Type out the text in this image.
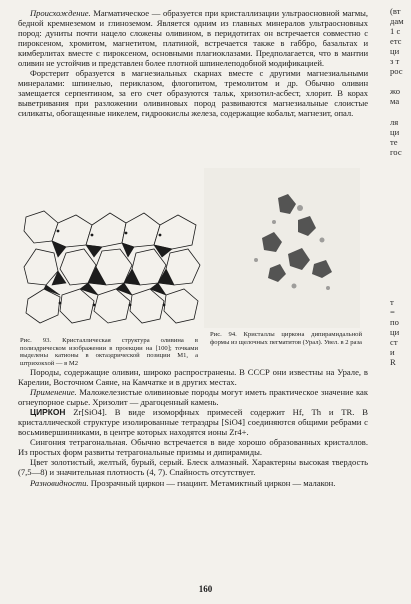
Происхождение. Магматическое — образуется при кристаллизации ультраосновной магмы, бедной кремнеземом и глиноземом. Является одним из главных минералов ультраосновных пород: дуниты почти нацело сложены оливином, в перидотитах он встречается совместно с пироксеном, хромитом, магнетитом, платиной, встречается также в габбро, базальтах и кимберлитах вместе с пироксеном, основными плагиоклазами. Предполагается, что в мантии оливин не устойчив и представлен более плотной шпинелеподобной модификацией.

Форстерит образуется в магнезиальных скарнах вместе с другими магнезиальными минералами: шпинелью, периклазом, флогопитом, тремолитом и др. Обычно оливин замещается серпентином, за его счет образуются тальк, хризотил-асбест, хлорит. В корах выветривания при разложении оливиновых пород развиваются магнезиальные слоистые силикаты, обогащенные никелем, гидроокислы железа, содержащие кобальт, магнезит, опал.

Рис. 93. Кристаллическая структура оливина в полиэдрическом изображении в проекции на [100]; точками выделены катионы в октаэдрической позиции M1, а штрихокхой — в M2
Рис. 94. Кристаллы циркона дипирамидальной формы из щелочных пегматитов (Урал). Увел. в 2 раза

Породы, содержащие оливин, широко распространены. В СССР они известны на Урале, в Карелии, Восточном Саяне, на Камчатке и в других местах.

Применение. Маложелезистые оливиновые породы могут иметь практическое значение как огнеупорное сырье. Хризолит — драгоценный камень.

ЦИРКОН Zr[SiO4]. В виде изоморфных примесей содержит Hf, Th и TR. В кристаллической структуре изолированные тетраэдры [SiO4] соединяются общими ребрами с восьмивершинниками, в центре которых находятся ионы Zr4+.

Сингония тетрагональная. Обычно встречается в виде хорошо образованных кристаллов. Из простых форм развиты тетрагональные призмы и дипирамиды.

Цвет золотистый, желтый, бурый, серый. Блеск алмазный. Характерны высокая твердость (7,5—8) и значительная плотность (4, 7). Спайность отсутствует.

Разновидности. Прозрачный циркон — гиацинт. Метамиктный циркон — малакон.

160
(вт
дам
1 с
етс
ци
з т
рос
жо
ма
ля
ци
те
гос
т
=
по
ци
ст
и
R
